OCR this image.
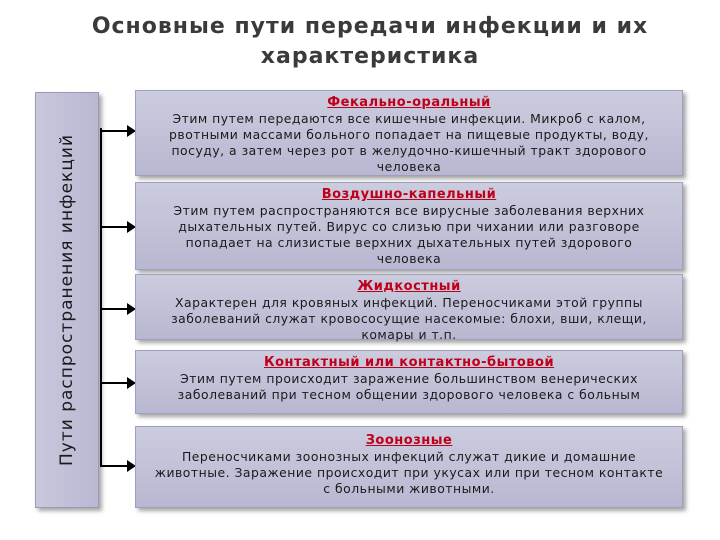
Основные пути передачи инфекции и их характеристика
Пути распространения инфекций
Фекально-оральный
Этим путем передаются все кишечные инфекции. Микроб с калом, рвотными массами больного попадает на пищевые продукты, воду, посуду, а затем через рот в желудочно-кишечный тракт здорового человека
Воздушно-капельный
Этим путем распространяются все вирусные заболевания верхних дыхательных путей. Вирус со слизью при чихании или разговоре попадает на слизистые верхних дыхательных путей здорового человека
Жидкостный
Характерен для кровяных инфекций. Переносчиками этой группы заболеваний служат кровососущие насекомые: блохи, вши, клещи, комары и т.п.
Контактный или контактно-бытовой
Этим путем происходит заражение большинством венерических заболеваний при тесном общении здорового человека с больным
Зоонозные
Переносчиками зоонозных инфекций служат дикие и домашние животные. Заражение происходит при укусах или при тесном контакте с больными животными.
